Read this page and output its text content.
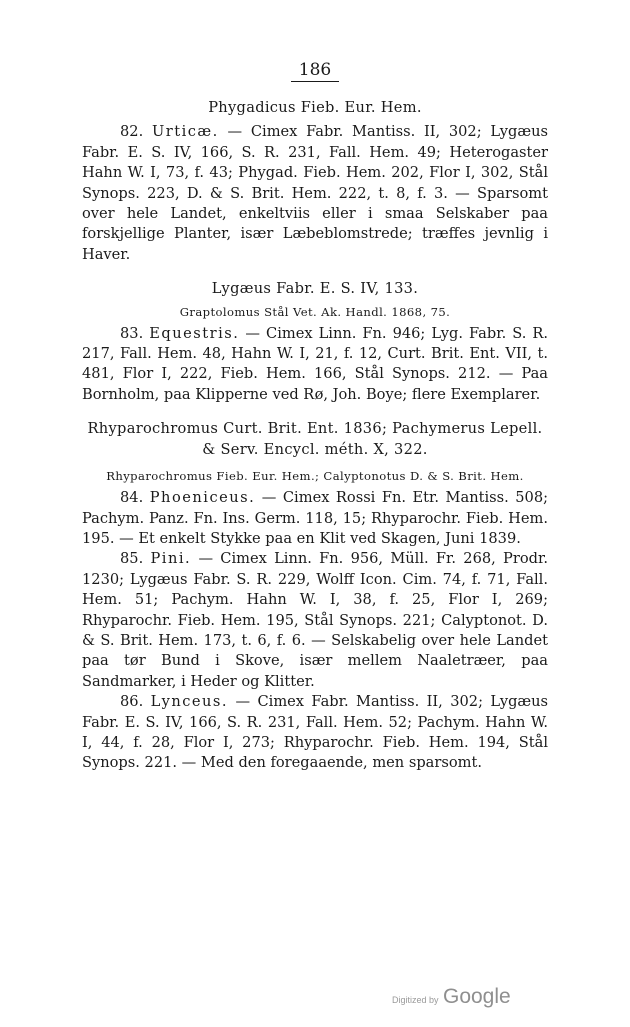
186
Phygadicus Fieb. Eur. Hem.
82. Urticæ. — Cimex Fabr. Mantiss. II, 302; Lygæus Fabr. E. S. IV, 166, S. R. 231, Fall. Hem. 49; Heterogaster Hahn W. I, 73, f. 43; Phygad. Fieb. Hem. 202, Flor I, 302, Stål Synops. 223, D. & S. Brit. Hem. 222, t. 8, f. 3. — Sparsomt over hele Landet, enkeltviis eller i smaa Selskaber paa forskjellige Planter, især Læbeblomstrede; træffes jevnlig i Haver.
Lygæus Fabr. E. S. IV, 133.
Graptolomus Stål Vet. Ak. Handl. 1868, 75.
83. Equestris. — Cimex Linn. Fn. 946; Lyg. Fabr. S. R. 217, Fall. Hem. 48, Hahn W. I, 21, f. 12, Curt. Brit. Ent. VII, t. 481, Flor I, 222, Fieb. Hem. 166, Stål Synops. 212. — Paa Bornholm, paa Klipperne ved Rø, Joh. Boye; flere Exemplarer.
Rhyparochromus Curt. Brit. Ent. 1836; Pachymerus Lepell. & Serv. Encycl. méth. X, 322.
Rhyparochromus Fieb. Eur. Hem.; Calyptonotus D. & S. Brit. Hem.
84. Phoeniceus. — Cimex Rossi Fn. Etr. Mantiss. 508; Pachym. Panz. Fn. Ins. Germ. 118, 15; Rhyparochr. Fieb. Hem. 195. — Et enkelt Stykke paa en Klit ved Skagen, Juni 1839.
85. Pini. — Cimex Linn. Fn. 956, Müll. Fr. 268, Prodr. 1230; Lygæus Fabr. S. R. 229, Wolff Icon. Cim. 74, f. 71, Fall. Hem. 51; Pachym. Hahn W. I, 38, f. 25, Flor I, 269; Rhyparochr. Fieb. Hem. 195, Stål Synops. 221; Calyptonot. D. & S. Brit. Hem. 173, t. 6, f. 6. — Selskabelig over hele Landet paa tør Bund i Skove, især mellem Naaletræer, paa Sandmarker, i Heder og Klitter.
86. Lynceus. — Cimex Fabr. Mantiss. II, 302; Lygæus Fabr. E. S. IV, 166, S. R. 231, Fall. Hem. 52; Pachym. Hahn W. I, 44, f. 28, Flor I, 273; Rhyparochr. Fieb. Hem. 194, Stål Synops. 221. — Med den foregaaende, men sparsomt.
Digitized by Google
